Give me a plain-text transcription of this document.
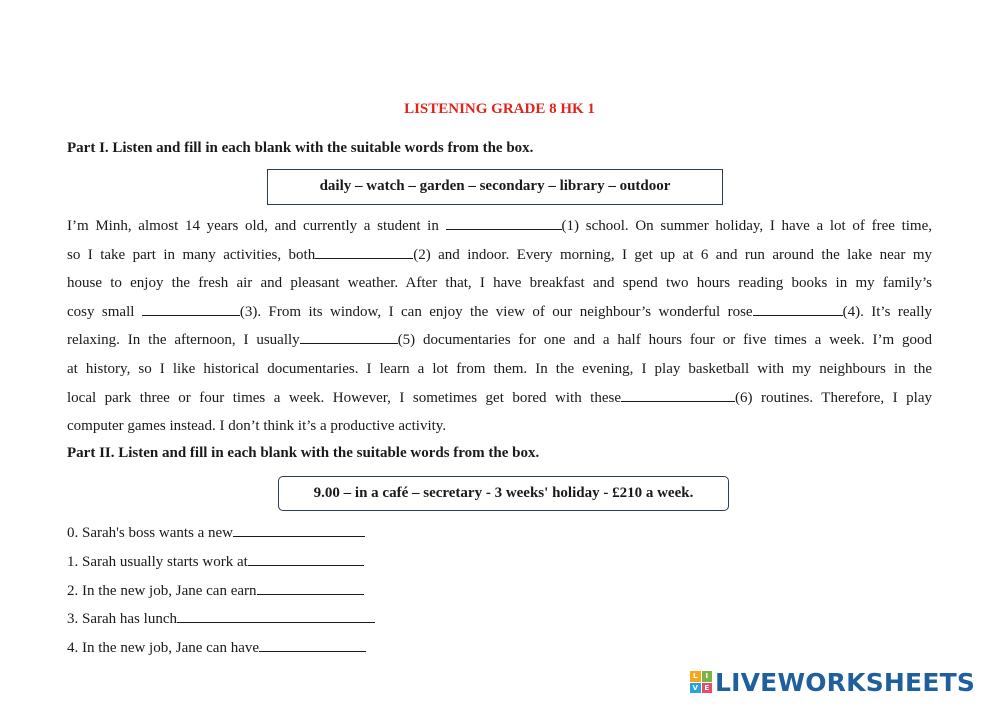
LISTENING GRADE 8 HK 1
Part I. Listen and fill in each blank with the suitable words from the box.
daily – watch – garden – secondary – library – outdoor
I’m Minh, almost 14 years old, and currently a student in	(1) school. On summer holiday, I have a lot of free time,
so I take part in many activities, both	(2) and indoor. Every morning, I get up at 6 and run around the lake near my
house to enjoy the fresh air and pleasant weather. After that, I have breakfast and spend two hours reading books in my family’s
cosy small	(3). From its window, I can enjoy the view of our neighbour’s wonderful rose	(4). It’s really
relaxing. In the afternoon, I usually	(5) documentaries for one and a half hours four or five times a week. I’m good
at history, so I like historical documentaries. I learn a lot from them. In the evening, I play basketball with my neighbours in the
local park three or four times a week. However, I sometimes get bored with these	(6) routines. Therefore, I play
computer games instead. I don’t think it’s a productive activity.
Part II. Listen and fill in each blank with the suitable words from the box.
9.00 – in a café – secretary - 3 weeks' holiday - £210 a week.
0. Sarah's boss wants a new
1. Sarah usually starts work at
2. In the new job, Jane can earn
3. Sarah has lunch
4. In the new job, Jane can have
L	I
V E LIVEWORKSHEETS
